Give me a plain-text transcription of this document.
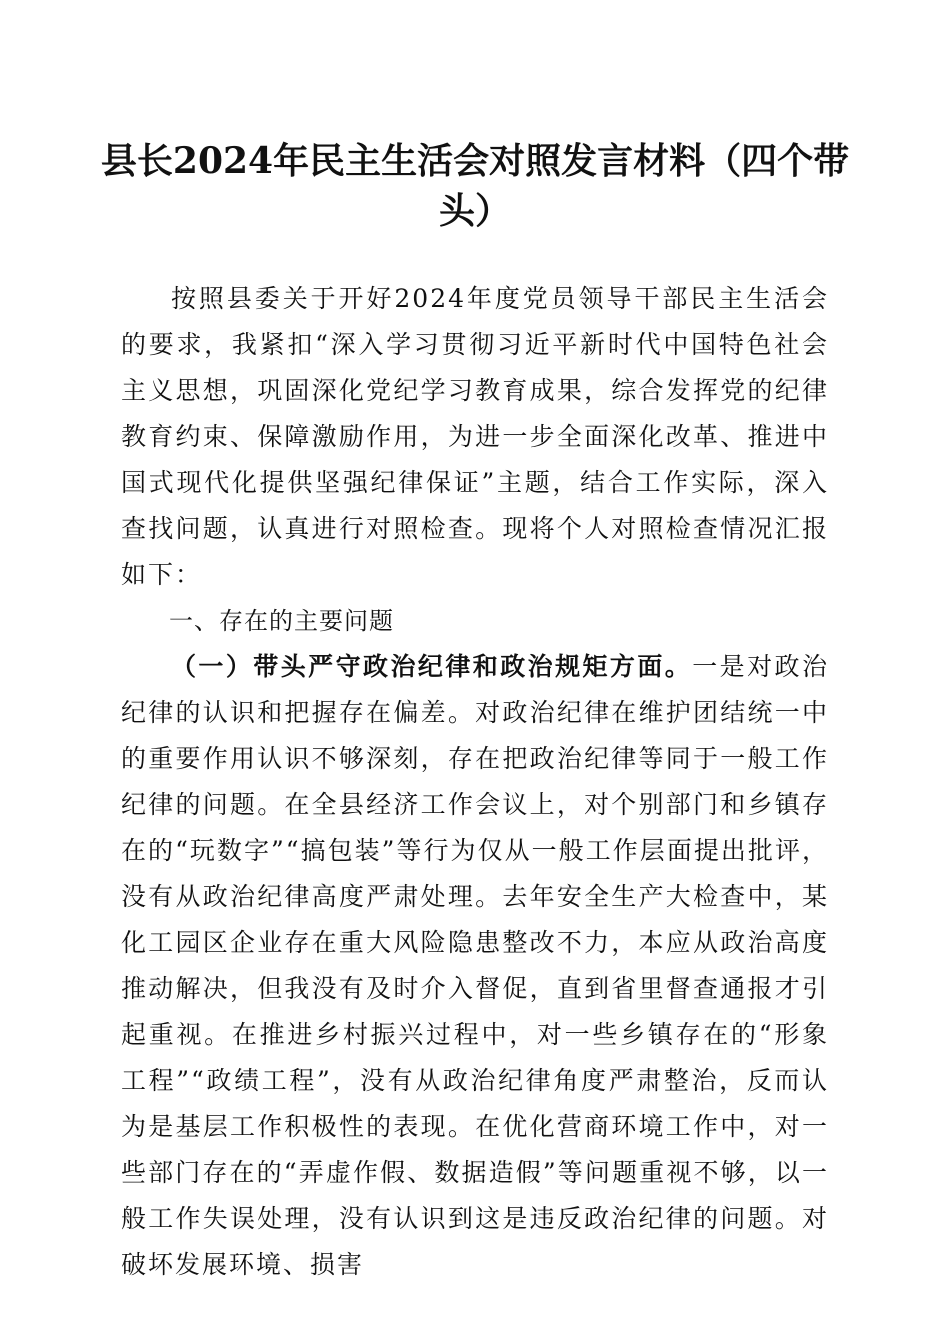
县长2024年民主生活会对照发言材料（四个带头）

按照县委关于开好2024年度党员领导干部民主生活会的要求，我紧扣“深入学习贯彻习近平新时代中国特色社会主义思想，巩固深化党纪学习教育成果，综合发挥党的纪律教育约束、保障激励作用，为进一步全面深化改革、推进中国式现代化提供坚强纪律保证”主题，结合工作实际，深入查找问题，认真进行对照检查。现将个人对照检查情况汇报如下：

一、存在的主要问题

（一）带头严守政治纪律和政治规矩方面。一是对政治纪律的认识和把握存在偏差。对政治纪律在维护团结统一中的重要作用认识不够深刻，存在把政治纪律等同于一般工作纪律的问题。在全县经济工作会议上，对个别部门和乡镇存在的“玩数字”“搞包装”等行为仅从一般工作层面提出批评，没有从政治纪律高度严肃处理。去年安全生产大检查中，某化工园区企业存在重大风险隐患整改不力，本应从政治高度推动解决，但我没有及时介入督促，直到省里督查通报才引起重视。在推进乡村振兴过程中，对一些乡镇存在的“形象工程”“政绩工程”，没有从政治纪律角度严肃整治，反而认为是基层工作积极性的表现。在优化营商环境工作中，对一些部门存在的“弄虚作假、数据造假”等问题重视不够，以一般工作失误处理，没有认识到这是违反政治纪律的问题。对破坏发展环境、损害
